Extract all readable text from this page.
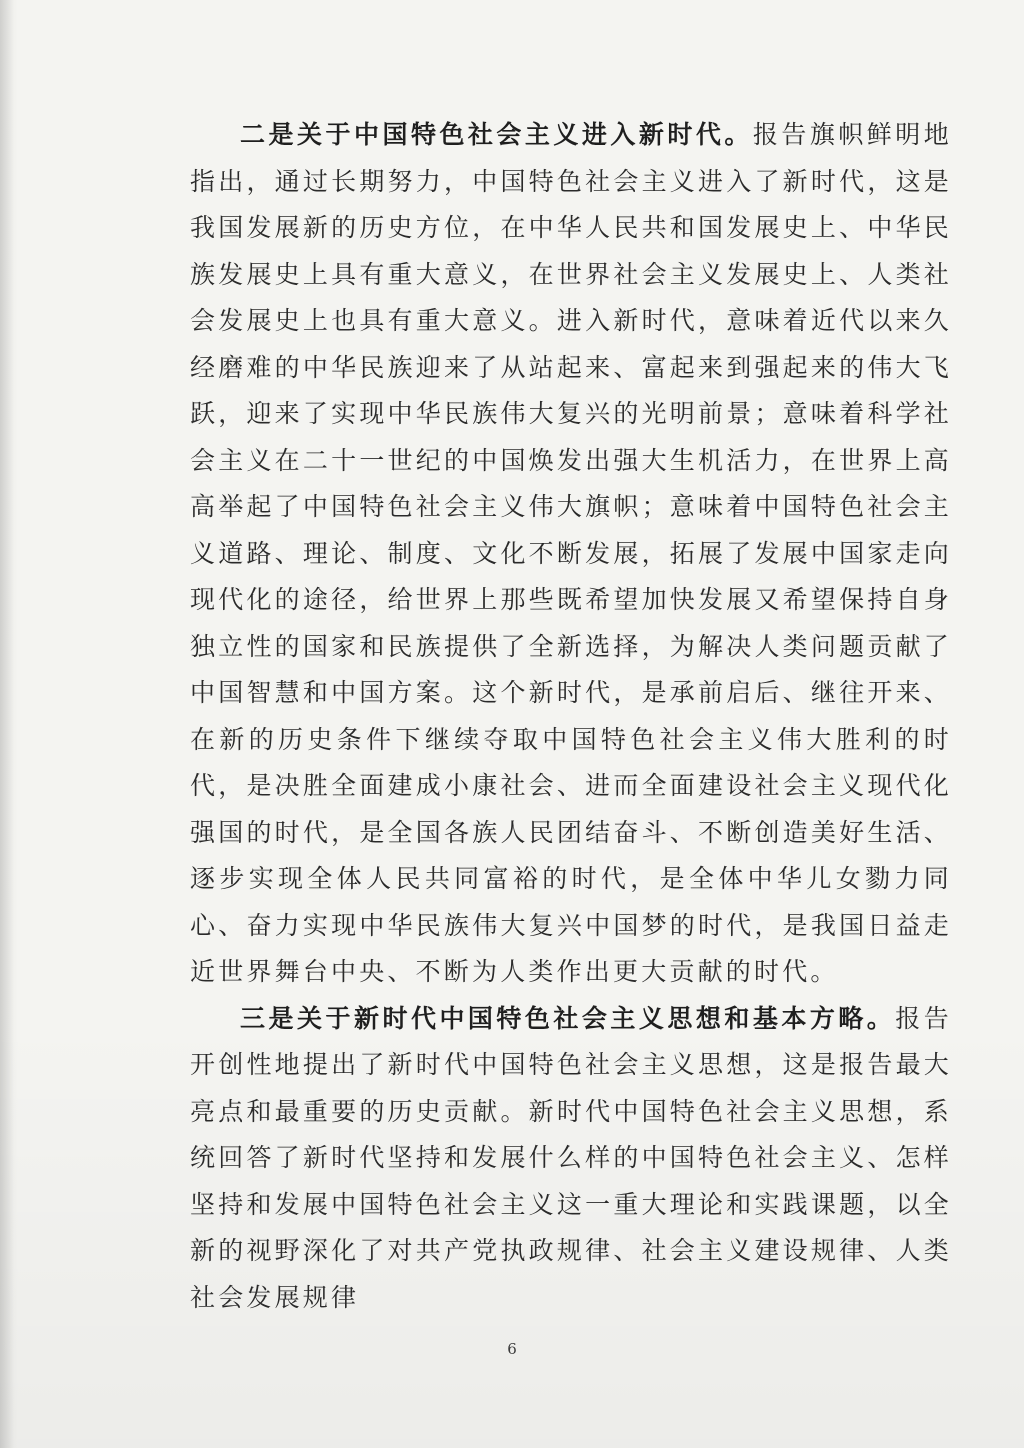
二是关于中国特色社会主义进入新时代。报告旗帜鲜明地指出，通过长期努力，中国特色社会主义进入了新时代，这是我国发展新的历史方位，在中华人民共和国发展史上、中华民族发展史上具有重大意义，在世界社会主义发展史上、人类社会发展史上也具有重大意义。进入新时代，意味着近代以来久经磨难的中华民族迎来了从站起来、富起来到强起来的伟大飞跃，迎来了实现中华民族伟大复兴的光明前景；意味着科学社会主义在二十一世纪的中国焕发出强大生机活力，在世界上高高举起了中国特色社会主义伟大旗帜；意味着中国特色社会主义道路、理论、制度、文化不断发展，拓展了发展中国家走向现代化的途径，给世界上那些既希望加快发展又希望保持自身独立性的国家和民族提供了全新选择，为解决人类问题贡献了中国智慧和中国方案。这个新时代，是承前启后、继往开来、在新的历史条件下继续夺取中国特色社会主义伟大胜利的时代，是决胜全面建成小康社会、进而全面建设社会主义现代化强国的时代，是全国各族人民团结奋斗、不断创造美好生活、逐步实现全体人民共同富裕的时代，是全体中华儿女勠力同心、奋力实现中华民族伟大复兴中国梦的时代，是我国日益走近世界舞台中央、不断为人类作出更大贡献的时代。

三是关于新时代中国特色社会主义思想和基本方略。报告开创性地提出了新时代中国特色社会主义思想，这是报告最大亮点和最重要的历史贡献。新时代中国特色社会主义思想，系统回答了新时代坚持和发展什么样的中国特色社会主义、怎样坚持和发展中国特色社会主义这一重大理论和实践课题，以全新的视野深化了对共产党执政规律、社会主义建设规律、人类社会发展规律

6
